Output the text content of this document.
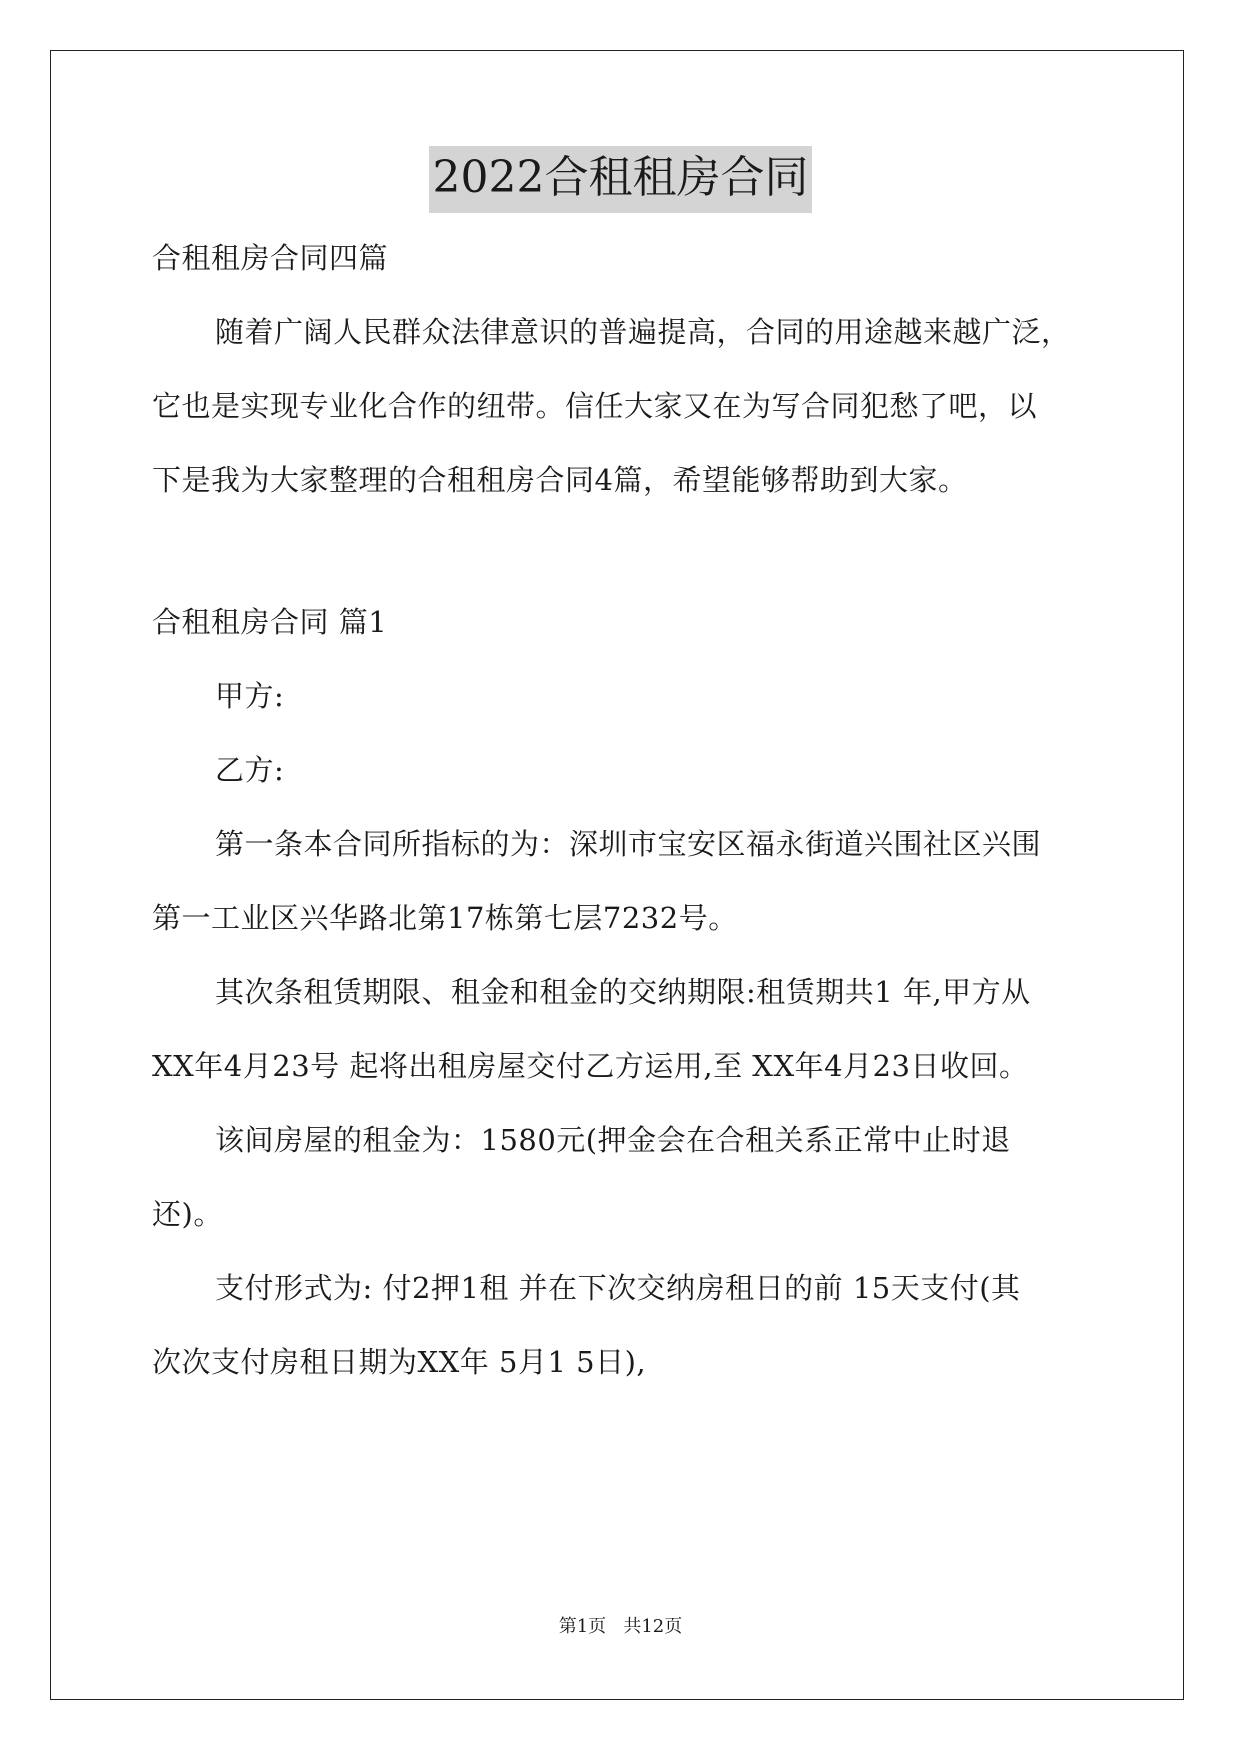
2022合租租房合同

合租租房合同四篇

随着广阔人民群众法律意识的普遍提高，合同的用途越来越广泛，

它也是实现专业化合作的纽带。信任大家又在为写合同犯愁了吧，以

下是我为大家整理的合租租房合同4篇，希望能够帮助到大家。

合租租房合同 篇1

甲方:

乙方:

第一条本合同所指标的为：深圳市宝安区福永街道兴围社区兴围

第一工业区兴华路北第17栋第七层7232号。

其次条租赁期限、租金和租金的交纳期限:租赁期共1 年,甲方从

XX年4月23号 起将出租房屋交付乙方运用,至 XX年4月23日收回。

该间房屋的租金为：1580元(押金会在合租关系正常中止时退

还)。

支付形式为: 付2押1租 并在下次交纳房租日的前 15天支付(其

次次支付房租日期为XX年 5月1 5日),

第1页   共12页
